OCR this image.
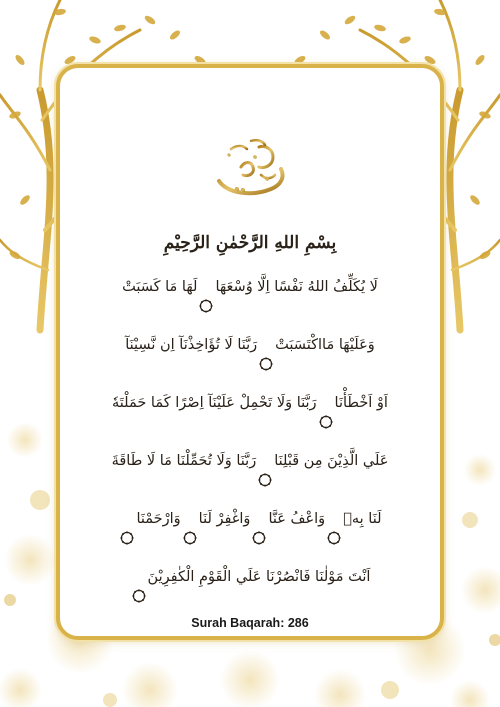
بِسْمِ اللهِ الرَّحْمٰنِ الرَّحِيْمِ
لَا يُكَلِّفُ اللهُ نَفْسًا اِلَّا وُسْعَهَالَهَا مَا كَسَبَتْ
وَعَلَيْهَا مَااكْتَسَبَتْرَبَّنَا لَا تُؤَاخِذْنَآ اِن نَّسِيْنَآ
اَوْ اَخْطَأْنَارَبَّنَا وَلَا تَحْمِلْ عَلَيْنَآ اِصْرًا كَمَا حَمَلْتَهٗ
عَلَي الَّذِيْنَ مِن قَبْلِنَارَبَّنَا وَلَا تُحَمِّلْنَا مَا لَا طَاقَةَ
لَنَا بِهٖوَاعْفُ عَنَّاوَاغْفِرْ لَنَاوَارْحَمْنَا
اَنْتَ مَوْلٰنَا فَانْصُرْنَا عَلَي الْقَوْمِ الْكٰفِرِيْنَ
Surah Baqarah: 286
